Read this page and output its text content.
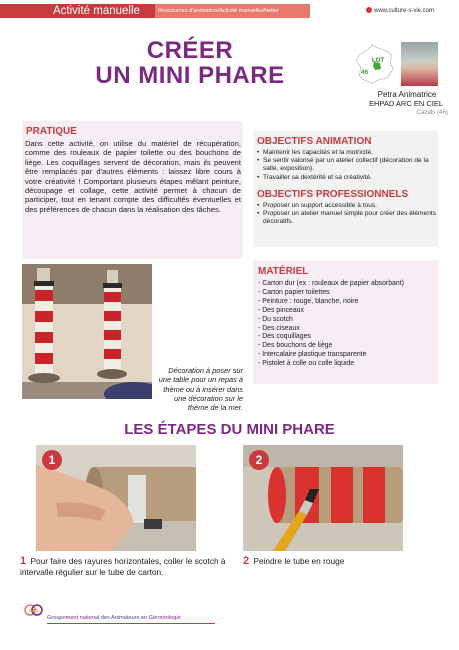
Activité manuelle	Ressources d'animation/Activité manuelle/Atelier	www.culture-s-vie.com
CRÉER
UN MINI PHARE	46
LOT
Petra Animatrice
EHPAD ARC EN CIEL
Cazals (46)
PRATIQUE

Dans cette activité, on utilise du matériel de récupération, comme des rouleaux de papier toilette ou des bouchons de liège. Les coquillages servent de décoration, mais ils peuvent être remplacés par d'autres éléments : laissez libre cours à votre créativité ! Comportant plusieurs étapes mêlant peinture, découpage et collage, cette activité permet à chacun de participer, tout en tenant compte des difficultés éventuelles et des préférences de chacun dans la réalisation des tâches.

OBJECTIFS ANIMATION
• Maintenir les capacités et la motricité.
• Se sentir valorisé par un atelier collectif (décoration de la salle, exposition).
• Travailler sa dextérité et sa créativité.
OBJECTIFS PROFESSIONNELS
• Proposer un support accessible à tous.
• Proposer un atelier manuel simple pour créer des éléments décoratifs.
Décoration à poser sur une table pour un repas à thème ou à insérer dans une décoration sur le thème de la mer.
MATÉRIEL
- Carton dur (ex : rouleaux de papier absorbant)
- Carton papier toilettes
- Peinture : rouge, blanche, noire
- Des pinceaux
- Du scotch
- Des ciseaux
- Des coquillages
- Des bouchons de liège
- Intercalaire plastique transparente
- Pistolet à colle ou colle liquide
LES ÉTAPES DU MINI PHARE
1	2
1 Pour faire des rayures horizontales, coller le scotch à intervalle régulier sur le tube de carton.
2 Peindre le tube en rouge
GAG
Groupement national des Animateurs en Gérontologie
